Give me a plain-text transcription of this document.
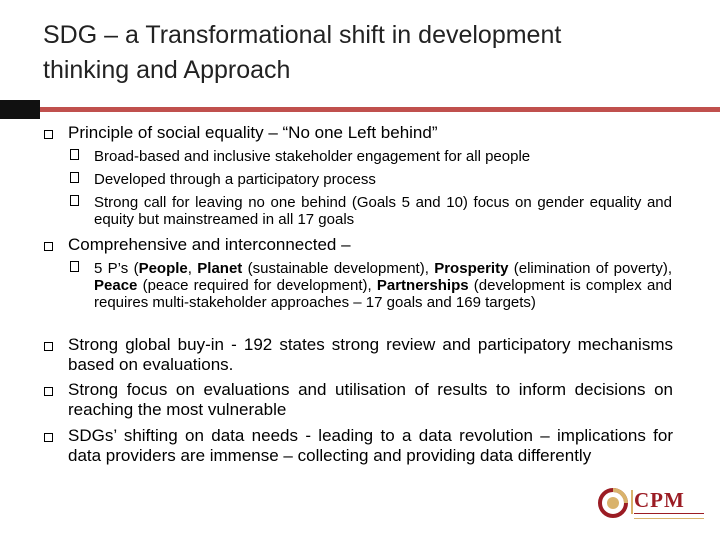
SDG – a Transformational shift in development
thinking and Approach
Principle of social equality – “No one Left behind”
Broad-based and inclusive stakeholder engagement for all people
Developed through a participatory process
Strong call for leaving no one behind (Goals 5 and 10) focus on gender equality and equity but mainstreamed in all 17 goals
Comprehensive and interconnected –
5 P’s (People, Planet (sustainable development), Prosperity (elimination of poverty), Peace (peace required for development), Partnerships (development is complex and requires multi-stakeholder approaches – 17 goals and 169 targets)
Strong global buy-in - 192 states strong review and participatory mechanisms based on evaluations.
Strong focus on evaluations and utilisation of results to inform decisions on reaching the most vulnerable
SDGs’ shifting on data needs - leading to a data revolution – implications for data providers are immense – collecting and providing data differently
CPM
